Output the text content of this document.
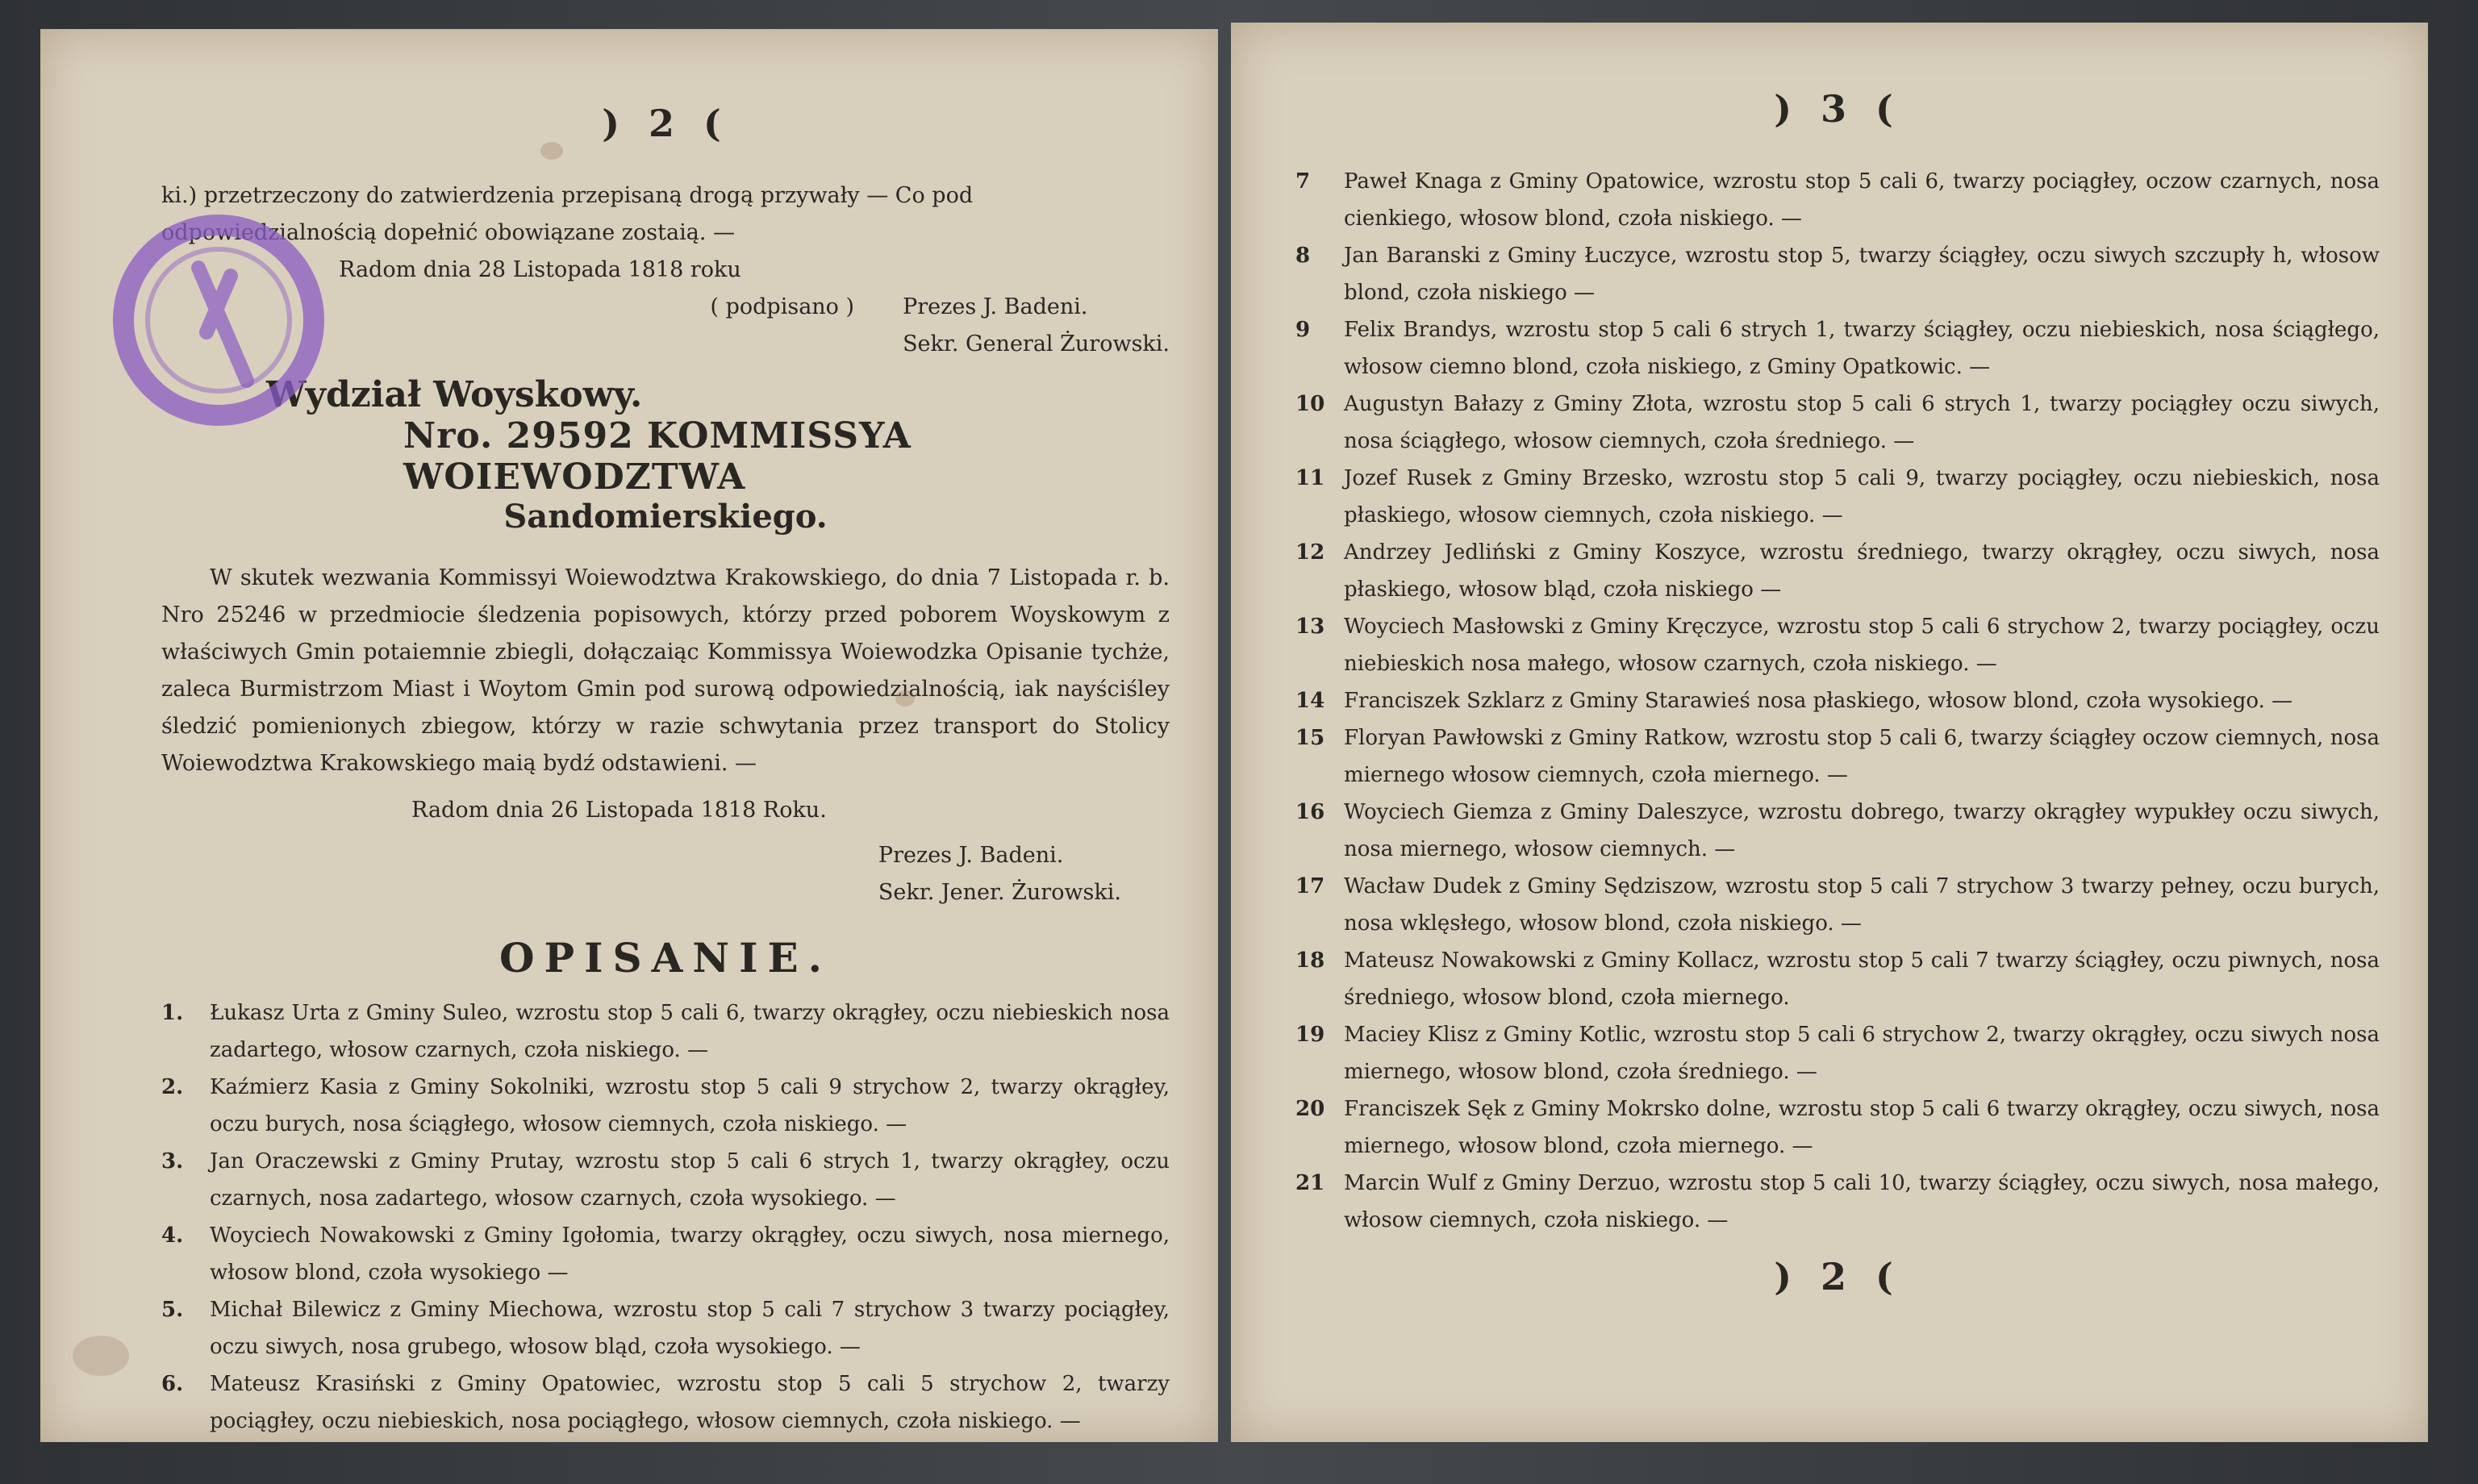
) 2 (

ki.) przetrzeczony do zatwierdzenia przepisaną drogą przywały — Co pod odpowiedzialnością dopełnić obowiązane zostaią. —

Radom dnia 28 Listopada 1818 roku

( podpisano ) Prezes J. Badeni.
Sekr. General Żurowski.

Wydział Woyskowy.

Nro. 29592 KOMMISSYA WOIEWODZTWA

Sandomierskiego.

W skutek wezwania Kommissyi Woiewodztwa Krakowskiego, do dnia 7 Listopada r. b. Nro 25246 w przedmiocie śledzenia popisowych, którzy przed poborem Woyskowym z właściwych Gmin potaiemnie zbiegli, dołączaiąc Kommissya Woiewodzka Opisanie tychże, zaleca Burmistrzom Miast i Woytom Gmin pod surową odpowiedzialnością, iak nayściśley śledzić pomienionych zbiegow, którzy w razie schwytania przez transport do Stolicy Woiewodztwa Krakowskiego maią bydź odstawieni. —

Radom dnia 26 Listopada 1818 Roku.

Prezes J. Badeni.
Sekr. Jener. Żurowski.

OPISANIE.

1.	Łukasz Urta z Gminy Suleo, wzrostu stop 5 cali 6, twarzy okrągłey, oczu niebieskich nosa zadartego, włosow czarnych, czoła niskiego. —
2.	Kaźmierz Kasia z Gminy Sokolniki, wzrostu stop 5 cali 9 strychow 2, twarzy okrągłey, oczu burych, nosa ściągłego, włosow ciemnych, czoła niskiego. —
3.	Jan Oraczewski z Gminy Prutay, wzrostu stop 5 cali 6 strych 1, twarzy okrągłey, oczu czarnych, nosa zadartego, włosow czarnych, czoła wysokiego. —
4.	Woyciech Nowakowski z Gminy Igołomia, twarzy okrągłey, oczu siwych, nosa miernego, włosow blond, czoła wysokiego —
5.	Michał Bilewicz z Gminy Miechowa, wzrostu stop 5 cali 7 strychow 3 twarzy pociągłey, oczu siwych, nosa grubego, włosow bląd, czoła wysokiego. —
6.	Mateusz Krasiński z Gminy Opatowiec, wzrostu stop 5 cali 5 strychow 2, twarzy pociągłey, oczu niebieskich, nosa pociągłego, włosow ciemnych, czoła niskiego. —

) 3 (

7	Paweł Knaga z Gminy Opatowice, wzrostu stop 5 cali 6, twarzy pociągłey, oczow czarnych, nosa cienkiego, włosow blond, czoła niskiego. —
8	Jan Baranski z Gminy Łuczyce, wzrostu stop 5, twarzy ściągłey, oczu siwych szczupły h, włosow blond, czoła niskiego —
9	Felix Brandys, wzrostu stop 5 cali 6 strych 1, twarzy ściągłey, oczu niebieskich, nosa ściągłego, włosow ciemno blond, czoła niskiego, z Gminy Opatkowic. —
10 Augustyn Bałazy z Gminy Złota, wzrostu stop 5 cali 6 strych 1, twarzy pociągłey oczu siwych, nosa ściągłego, włosow ciemnych, czoła średniego. —
11 Jozef Rusek z Gminy Brzesko, wzrostu stop 5 cali 9, twarzy pociągłey, oczu niebieskich, nosa płaskiego, włosow ciemnych, czoła niskiego. —
12 Andrzey Jedliński z Gminy Koszyce, wzrostu średniego, twarzy okrągłey, oczu siwych, nosa płaskiego, włosow bląd, czoła niskiego —
13 Woyciech Masłowski z Gminy Kręczyce, wzrostu stop 5 cali 6 strychow 2, twarzy pociągłey, oczu niebieskich nosa małego, włosow czarnych, czoła niskiego. —
14 Franciszek Szklarz z Gminy Starawieś nosa płaskiego, włosow blond, czoła wysokiego. —
15 Floryan Pawłowski z Gminy Ratkow, wzrostu stop 5 cali 6, twarzy ściągłey oczow ciemnych, nosa miernego włosow ciemnych, czoła miernego. —
16 Woyciech Giemza z Gminy Daleszyce, wzrostu dobrego, twarzy okrągłey wypukłey oczu siwych, nosa miernego, włosow ciemnych. —
17 Wacław Dudek z Gminy Sędziszow, wzrostu stop 5 cali 7 strychow 3 twarzy pełney, oczu burych, nosa wklęsłego, włosow blond, czoła niskiego. —
18 Mateusz Nowakowski z Gminy Kollacz, wzrostu stop 5 cali 7 twarzy ściągłey, oczu piwnych, nosa średniego, włosow blond, czoła miernego.
19 Maciey Klisz z Gminy Kotlic, wzrostu stop 5 cali 6 strychow 2, twarzy okrągłey, oczu siwych nosa miernego, włosow blond, czoła średniego. —
20 Franciszek Sęk z Gminy Mokrsko dolne, wzrostu stop 5 cali 6 twarzy okrągłey, oczu siwych, nosa miernego, włosow blond, czoła miernego. —
21 Marcin Wulf z Gminy Derzuo, wzrostu stop 5 cali 10, twarzy ściągłey, oczu siwych, nosa małego, włosow ciemnych, czoła niskiego. —

) 2 (
